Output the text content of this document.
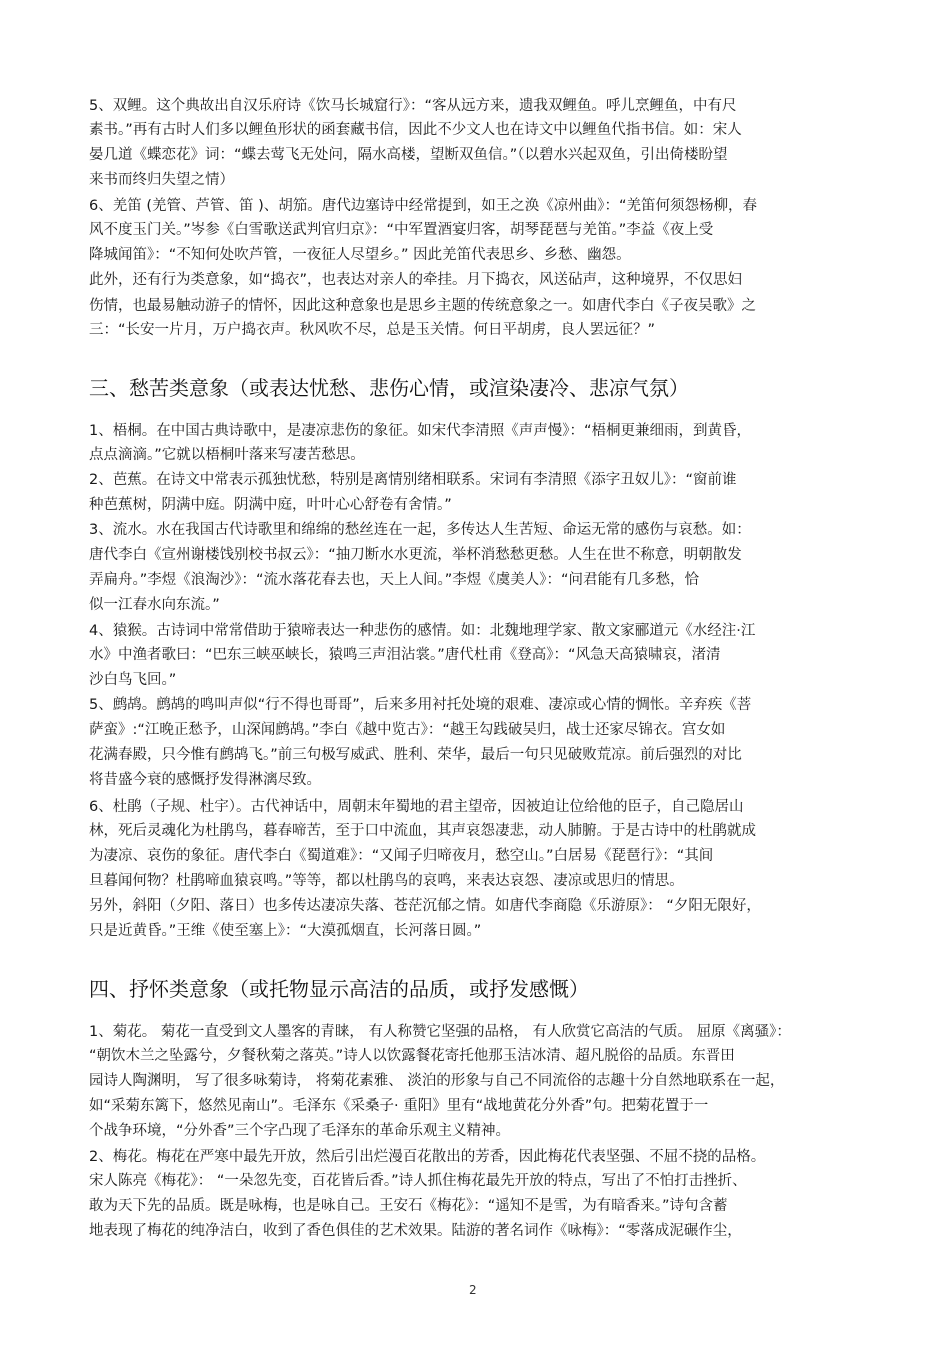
5、双鲤。这个典故出自汉乐府诗《饮马长城窟行》：“客从远方来，遗我双鲤鱼。呼儿烹鲤鱼，中有尺
素书。”再有古时人们多以鲤鱼形状的函套藏书信，因此不少文人也在诗文中以鲤鱼代指书信。如：宋人
晏几道《蝶恋花》词：“蝶去莺飞无处问，隔水高楼，望断双鱼信。”（以碧水兴起双鱼，引出倚楼盼望
来书而终归失望之情）
6、羌笛 (羌管、芦管、笛 )、胡笳。唐代边塞诗中经常提到，如王之涣《凉州曲》：“羌笛何须怨杨柳，春
风不度玉门关。”岑参《白雪歌送武判官归京》：“中军置酒宴归客，胡琴琵琶与羌笛。”李益《夜上受
降城闻笛》：“不知何处吹芦管，一夜征人尽望乡。” 因此羌笛代表思乡、乡愁、幽怨。
此外，还有行为类意象，如“捣衣”，也表达对亲人的牵挂。月下捣衣，风送砧声，这种境界，不仅思妇
伤情，也最易触动游子的情怀，因此这种意象也是思乡主题的传统意象之一。如唐代李白《子夜吴歌》之
三：“长安一片月，万户捣衣声。秋风吹不尽，总是玉关情。何日平胡虏，良人罢远征？”
三、愁苦类意象（或表达忧愁、悲伤心情，或渲染凄冷、悲凉气氛）
1、梧桐。在中国古典诗歌中，是凄凉悲伤的象征。如宋代李清照《声声慢》：“梧桐更兼细雨，到黄昏，
点点滴滴。”它就以梧桐叶落来写凄苦愁思。
2、芭蕉。在诗文中常表示孤独忧愁，特别是离情别绪相联系。宋词有李清照《添字丑奴儿》：“窗前谁
种芭蕉树，阴满中庭。阴满中庭，叶叶心心舒卷有舍情。”
3、流水。水在我国古代诗歌里和绵绵的愁丝连在一起，多传达人生苦短、命运无常的感伤与哀愁。如：
唐代李白《宣州谢楼饯别校书叔云》：“抽刀断水水更流，举杯消愁愁更愁。人生在世不称意，明朝散发
弄扁舟。”李煜《浪淘沙》：“流水落花春去也，天上人间。”李煜《虞美人》：“问君能有几多愁，恰
似一江春水向东流。”
4、猿猴。古诗词中常常借助于猿啼表达一种悲伤的感情。如：北魏地理学家、散文家郦道元《水经注·江
水》中渔者歌曰：“巴东三峡巫峡长，猿鸣三声泪沾裳。”唐代杜甫《登高》：“风急天高猿啸哀，渚清
沙白鸟飞回。”
5、鹧鸪。鹧鸪的鸣叫声似“行不得也哥哥”，后来多用衬托处境的艰难、凄凉或心情的惆怅。辛弃疾《菩
萨蛮》:“江晚正愁予，山深闻鹧鸪。”李白《越中览古》：“越王勾践破吴归，战士还家尽锦衣。宫女如
花满春殿，只今惟有鹧鸪飞。”前三句极写威武、胜利、荣华，最后一句只见破败荒凉。前后强烈的对比
将昔盛今衰的感慨抒发得淋漓尽致。
6、杜鹃（子规、杜宇）。古代神话中，周朝末年蜀地的君主望帝，因被迫让位给他的臣子，自己隐居山
林，死后灵魂化为杜鹃鸟，暮春啼苦，至于口中流血，其声哀怨凄悲，动人肺腑。于是古诗中的杜鹃就成
为凄凉、哀伤的象征。唐代李白《蜀道难》：“又闻子归啼夜月，愁空山。”白居易《琵琶行》：“其间
旦暮闻何物？杜鹃啼血猿哀鸣。”等等，都以杜鹃鸟的哀鸣，来表达哀怨、凄凉或思归的情思。
另外，斜阳（夕阳、落日）也多传达凄凉失落、苍茫沉郁之情。如唐代李商隐《乐游原》： “夕阳无限好，
只是近黄昏。”王维《使至塞上》：“大漠孤烟直，长河落日圆。”
四、抒怀类意象（或托物显示高洁的品质，或抒发感慨）
1、菊花。 菊花一直受到文人墨客的青睐， 有人称赞它坚强的品格， 有人欣赏它高洁的气质。 屈原《离骚》：
“朝饮木兰之坠露兮，夕餐秋菊之落英。”诗人以饮露餐花寄托他那玉洁冰清、超凡脱俗的品质。东晋田
园诗人陶渊明， 写了很多咏菊诗， 将菊花素雅、 淡泊的形象与自己不同流俗的志趣十分自然地联系在一起，
如“采菊东篱下，悠然见南山”。毛泽东《采桑子· 重阳》里有“战地黄花分外香”句。把菊花置于一
个战争环境，“分外香”三个字凸现了毛泽东的革命乐观主义精神。
2、梅花。梅花在严寒中最先开放，然后引出烂漫百花散出的芳香，因此梅花代表坚强、不屈不挠的品格。
宋人陈亮《梅花》： “一朵忽先变，百花皆后香。”诗人抓住梅花最先开放的特点，写出了不怕打击挫折、
敢为天下先的品质。既是咏梅，也是咏自己。王安石《梅花》：“遥知不是雪，为有暗香来。”诗句含蓄
地表现了梅花的纯净洁白，收到了香色俱佳的艺术效果。陆游的著名词作《咏梅》：“零落成泥碾作尘，
2
